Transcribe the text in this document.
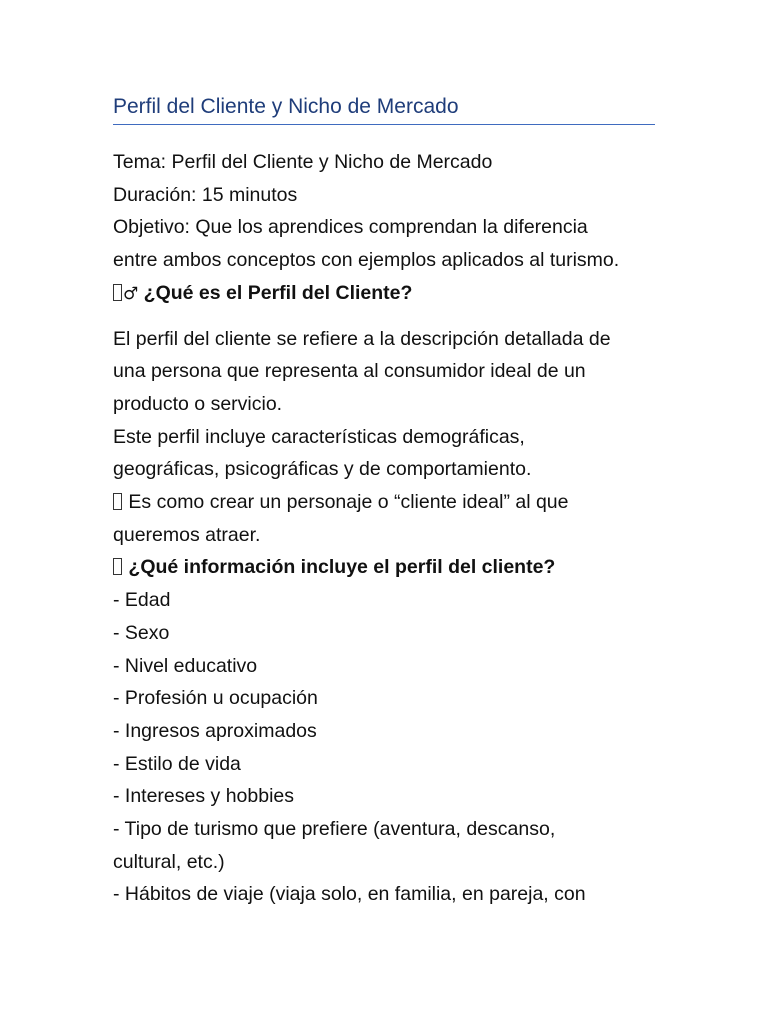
Perfil del Cliente y Nicho de Mercado

Tema: Perfil del Cliente y Nicho de Mercado

Duración: 15 minutos

Objetivo: Que los aprendices comprendan la diferencia

entre ambos conceptos con ejemplos aplicados al turismo.

♂ ¿Qué es el Perfil del Cliente?

El perfil del cliente se refiere a la descripción detallada de

una persona que representa al consumidor ideal de un

producto o servicio.

Este perfil incluye características demográficas,

geográficas, psicográficas y de comportamiento.

Es como crear un personaje o “cliente ideal” al que

queremos atraer.

¿Qué información incluye el perfil del cliente?

- Edad

- Sexo

- Nivel educativo

- Profesión u ocupación

- Ingresos aproximados

- Estilo de vida

- Intereses y hobbies

- Tipo de turismo que prefiere (aventura, descanso,

cultural, etc.)

- Hábitos de viaje (viaja solo, en familia, en pareja, con
